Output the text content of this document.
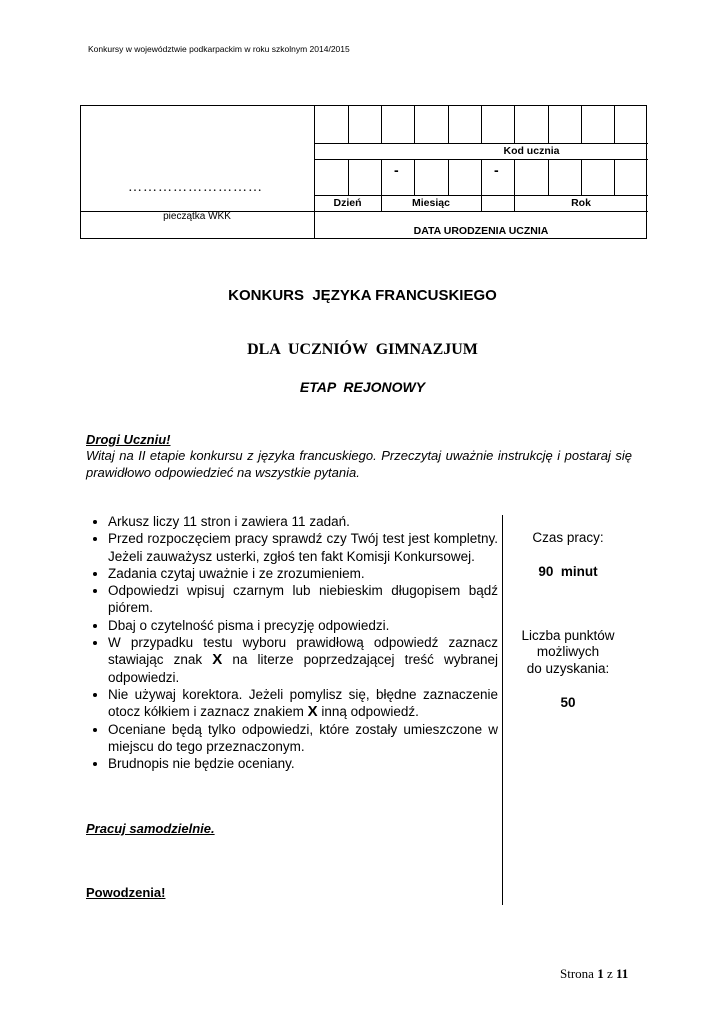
Konkursy w województwie podkarpackim w roku szkolnym 2014/2015
Kod ucznia
-	-
Dzień	Miesiąc	Rok
DATA URODZENIA UCZNIA
………………………
pieczątka WKK
KONKURS  JĘZYKA FRANCUSKIEGO
DLA  UCZNIÓW  GIMNAZJUM
ETAP  REJONOWY
Drogi Uczniu!
Witaj na II etapie konkursu z języka francuskiego. Przeczytaj uważnie instrukcję i postaraj się prawidłowo odpowiedzieć na wszystkie pytania.
• Arkusz liczy 11 stron i zawiera 11 zadań.
• Przed rozpoczęciem pracy sprawdź czy Twój test jest kompletny. Jeżeli zauważysz usterki, zgłoś ten fakt Komisji Konkursowej.
• Zadania czytaj uważnie i ze zrozumieniem.
• Odpowiedzi wpisuj czarnym lub niebieskim długopisem bądź piórem.
• Dbaj o czytelność pisma i precyzję odpowiedzi.
• W przypadku testu wyboru prawidłową odpowiedź zaznacz stawiając znak X na literze poprzedzającej treść wybranej odpowiedzi.
• Nie używaj korektora. Jeżeli pomylisz się, błędne zaznaczenie otocz kółkiem i zaznacz znakiem X inną odpowiedź.
• Oceniane będą tylko odpowiedzi, które zostały umieszczone w miejscu do tego przeznaczonym.
• Brudnopis nie będzie oceniany.
Czas pracy:
90  minut
Liczba punktów
możliwych
do uzyskania:
50
Pracuj samodzielnie.
Powodzenia!
Strona 1 z 11
